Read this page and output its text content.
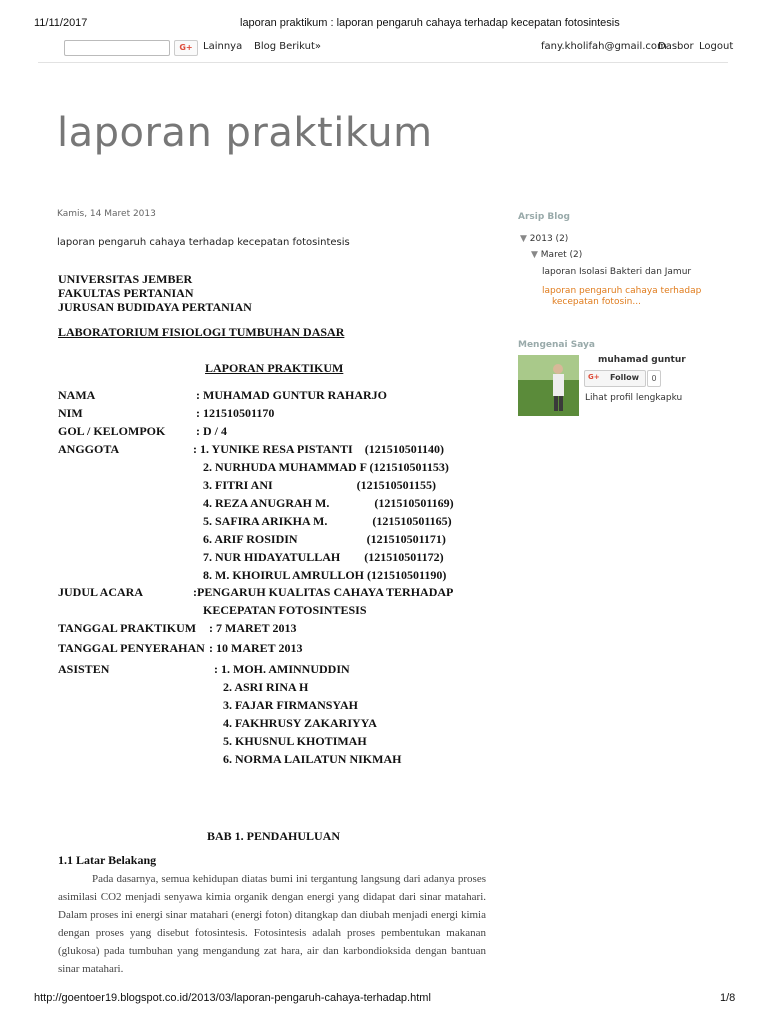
11/11/2017	laporan praktikum : laporan pengaruh cahaya terhadap kecepatan fotosintesis
G+	Lainnya Blog Berikut»	fany.kholifah@gmail.com
Dasbor Logout
laporan praktikum
Kamis, 14 Maret 2013
laporan pengaruh cahaya terhadap kecepatan fotosintesis
UNIVERSITAS JEMBER
FAKULTAS PERTANIAN
JURUSAN BUDIDAYA PERTANIAN
LABORATORIUM FISIOLOGI TUMBUHAN DASAR
LAPORAN PRAKTIKUM
NAMA	: MUHAMAD GUNTUR RAHARJO
NIM	: 121510501170
GOL / KELOMPOK	: D / 4
ANGGOTA	: 1. YUNIKE RESA PISTANTI    (121510501140)
2. NURHUDA MUHAMMAD F (121510501153)
3. FITRI ANI                            (121510501155)
4. REZA ANUGRAH M.               (121510501169)
5. SAFIRA ARIKHA M.               (121510501165)
6. ARIF ROSIDIN                       (121510501171)
7. NUR HIDAYATULLAH        (121510501172)
8. M. KHOIRUL AMRULLOH (121510501190)
JUDUL ACARA	:PENGARUH KUALITAS CAHAYA TERHADAP
KECEPATAN FOTOSINTESIS
TANGGAL PRAKTIKUM : 7 MARET 2013
TANGGAL PENYERAHAN : 10 MARET 2013
ASISTEN	: 1. MOH. AMINNUDDIN
2. ASRI RINA H
3. FAJAR FIRMANSYAH
4. FAKHRUSY ZAKARIYYA
5. KHUSNUL KHOTIMAH
6. NORMA LAILATUN NIKMAH
BAB 1. PENDAHULUAN
1.1 Latar Belakang
Pada dasarnya, semua kehidupan diatas bumi ini tergantung langsung dari adanya proses asimilasi CO2 menjadi senyawa kimia organik dengan energi yang didapat dari sinar matahari. Dalam proses ini energi sinar matahari (energi foton) ditangkap dan diubah menjadi energi kimia dengan proses yang disebut fotosintesis. Fotosintesis adalah proses pembentukan makanan (glukosa) pada tumbuhan yang mengandung zat hara, air dan karbondioksida dengan bantuan sinar matahari.
Arsip Blog
▼ 2013 (2)
▼ Maret (2)
laporan Isolasi Bakteri dan Jamur
laporan pengaruh cahaya terhadap
kecepatan fotosin...
Mengenai Saya
muhamad guntur
G+ Follow	0
Lihat profil lengkapku
http://goentoer19.blogspot.co.id/2013/03/laporan-pengaruh-cahaya-terhadap.html	1/8
